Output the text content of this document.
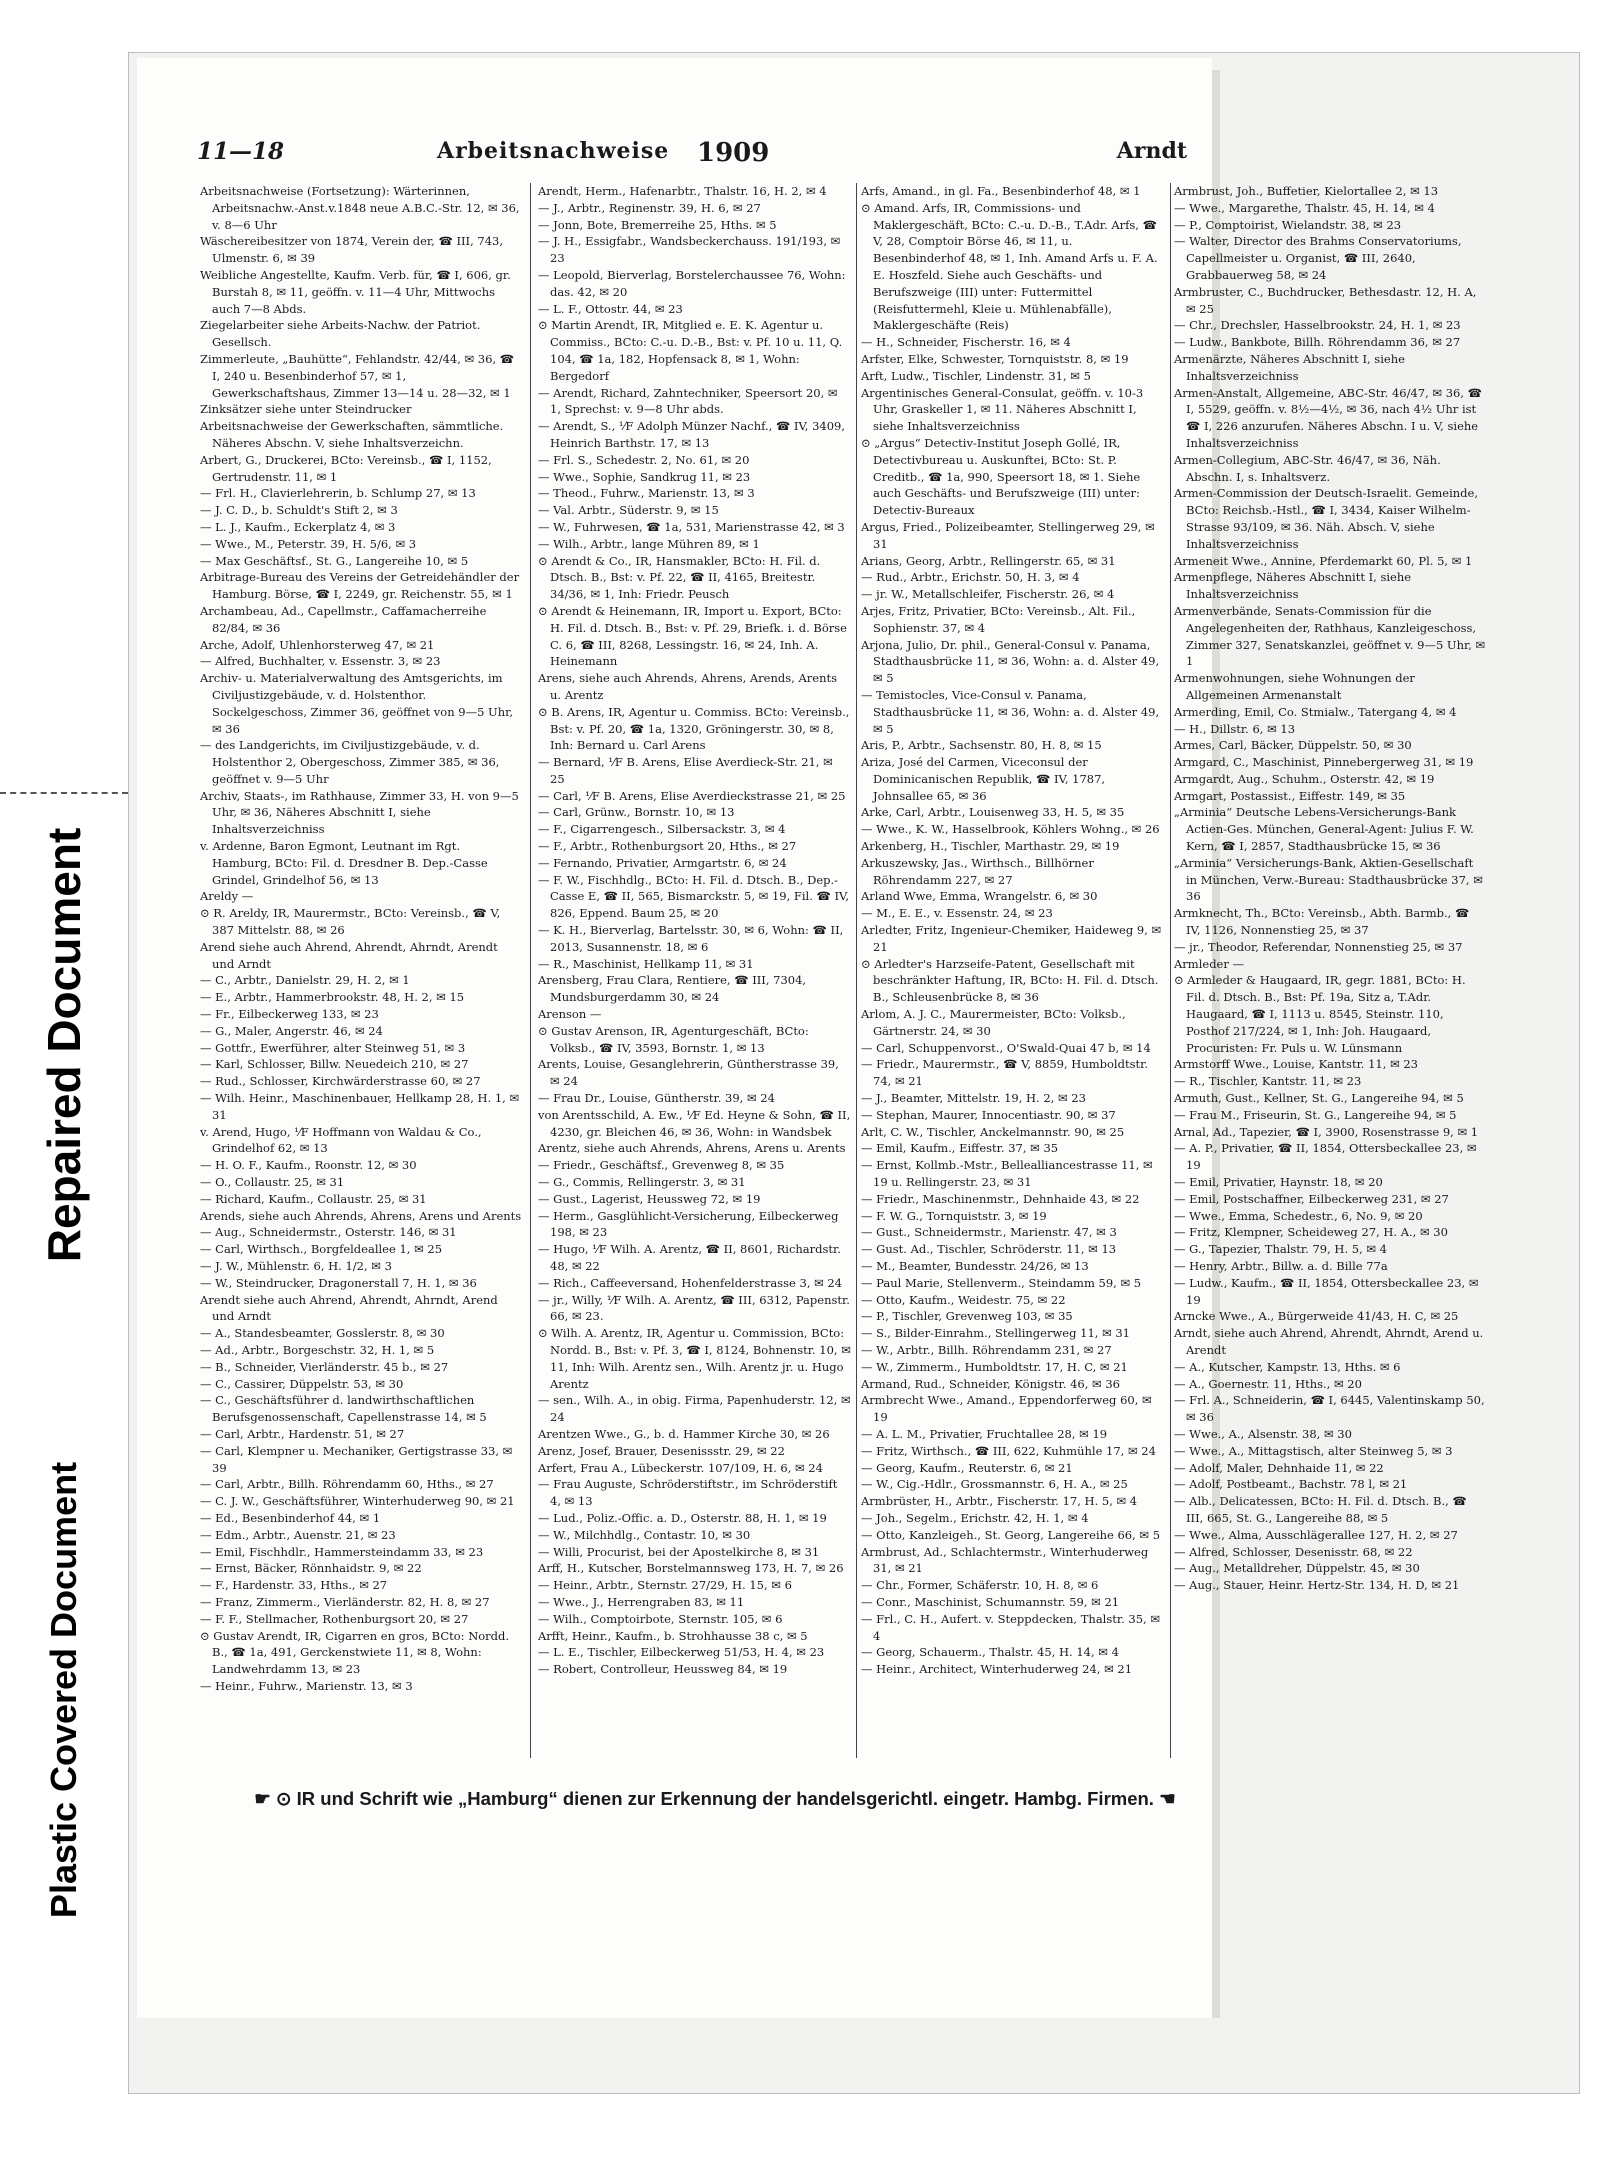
Repaired Document
Plastic Covered Document
11—18	Arbeitsnachweise 1909	Arndt

Arbeitsnachweise (Fortsetzung): Wärterinnen, Arbeitsnachw.-Anst.v.1848 neue A.B.C.-Str. 12, ✉ 36, v. 8—6 Uhr

Wäschereibesitzer von 1874, Verein der, ☎ III, 743, Ulmenstr. 6, ✉ 39

Weibliche Angestellte, Kaufm. Verb. für, ☎ I, 606, gr. Burstah 8, ✉ 11, geöffn. v. 11—4 Uhr, Mittwochs auch 7—8 Abds.

Ziegelarbeiter siehe Arbeits-Nachw. der Patriot. Gesellsch.

Zimmerleute, „Bauhütte“, Fehlandstr. 42/44, ✉ 36, ☎ I, 240 u. Besenbinderhof 57, ✉ 1, Gewerkschaftshaus, Zimmer 13—14 u. 28—32, ✉ 1

Zinksätzer siehe unter Steindrucker

Arbeitsnachweise der Gewerkschaften, sämmtliche. Näheres Abschn. V, siehe Inhaltsverzeichn.

Arbert, G., Druckerei, BCto: Vereinsb., ☎ I, 1152, Gertrudenstr. 11, ✉ 1

— Frl. H., Clavierlehrerin, b. Schlump 27, ✉ 13

— J. C. D., b. Schuldt's Stift 2, ✉ 3

— L. J., Kaufm., Eckerplatz 4, ✉ 3

— Wwe., M., Peterstr. 39, H. 5/6, ✉ 3

— Max Geschäftsf., St. G., Langereihe 10, ✉ 5

Arbitrage-Bureau des Vereins der Getreidehändler der Hamburg. Börse, ☎ I, 2249, gr. Reichenstr. 55, ✉ 1

Archambeau, Ad., Capellmstr., Caffamacherreihe 82/84, ✉ 36

Arche, Adolf, Uhlenhorsterweg 47, ✉ 21

— Alfred, Buchhalter, v. Essenstr. 3, ✉ 23

Archiv- u. Materialverwaltung des Amtsgerichts, im Civiljustizgebäude, v. d. Holstenthor. Sockelgeschoss, Zimmer 36, geöffnet von 9—5 Uhr, ✉ 36

— des Landgerichts, im Civiljustizgebäude, v. d. Holstenthor 2, Obergeschoss, Zimmer 385, ✉ 36, geöffnet v. 9—5 Uhr

Archiv, Staats-, im Rathhause, Zimmer 33, H. von 9—5 Uhr, ✉ 36, Näheres Abschnitt I, siehe Inhaltsverzeichniss

v. Ardenne, Baron Egmont, Leutnant im Rgt. Hamburg, BCto: Fil. d. Dresdner B. Dep.-Casse Grindel, Grindelhof 56, ✉ 13

Areldy —

⊙ R. Areldy, IR, Maurermstr., BCto: Vereinsb., ☎ V, 387 Mittelstr. 88, ✉ 26

Arend siehe auch Ahrend, Ahrendt, Ahrndt, Arendt und Arndt

— C., Arbtr., Danielstr. 29, H. 2, ✉ 1

— E., Arbtr., Hammerbrookstr. 48, H. 2, ✉ 15

— Fr., Eilbeckerweg 133, ✉ 23

— G., Maler, Angerstr. 46, ✉ 24

— Gottfr., Ewerführer, alter Steinweg 51, ✉ 3

— Karl, Schlosser, Billw. Neuedeich 210, ✉ 27

— Rud., Schlosser, Kirchwärderstrasse 60, ✉ 27

— Wilh. Heinr., Maschinenbauer, Hellkamp 28, H. 1, ✉ 31

v. Arend, Hugo, ⅟F Hoffmann von Waldau & Co., Grindelhof 62, ✉ 13

— H. O. F., Kaufm., Roonstr. 12, ✉ 30

— O., Collaustr. 25, ✉ 31

— Richard, Kaufm., Collaustr. 25, ✉ 31

Arends, siehe auch Ahrends, Ahrens, Arens und Arents

— Aug., Schneidermstr., Osterstr. 146, ✉ 31

— Carl, Wirthsch., Borgfeldeallee 1, ✉ 25

— J. W., Mühlenstr. 6, H. 1/2, ✉ 3

— W., Steindrucker, Dragonerstall 7, H. 1, ✉ 36

Arendt siehe auch Ahrend, Ahrendt, Ahrndt, Arend und Arndt

— A., Standesbeamter, Gosslerstr. 8, ✉ 30

— Ad., Arbtr., Borgeschstr. 32, H. 1, ✉ 5

— B., Schneider, Vierländerstr. 45 b., ✉ 27

— C., Cassirer, Düppelstr. 53, ✉ 30

— C., Geschäftsführer d. landwirthschaftlichen Berufsgenossenschaft, Capellenstrasse 14, ✉ 5

— Carl, Arbtr., Hardenstr. 51, ✉ 27

— Carl, Klempner u. Mechaniker, Gertigstrasse 33, ✉ 39

— Carl, Arbtr., Billh. Röhrendamm 60, Hths., ✉ 27

— C. J. W., Geschäftsführer, Winterhuderweg 90, ✉ 21

— Ed., Besenbinderhof 44, ✉ 1

— Edm., Arbtr., Auenstr. 21, ✉ 23

— Emil, Fischhdlr., Hammersteindamm 33, ✉ 23

— Ernst, Bäcker, Rönnhaidstr. 9, ✉ 22

— F., Hardenstr. 33, Hths., ✉ 27

— Franz, Zimmerm., Vierländerstr. 82, H. 8, ✉ 27

— F. F., Stellmacher, Rothenburgsort 20, ✉ 27

⊙ Gustav Arendt, IR, Cigarren en gros, BCto: Nordd. B., ☎ 1a, 491, Gerckenstwiete 11, ✉ 8, Wohn: Landwehrdamm 13, ✉ 23

— Heinr., Fuhrw., Marienstr. 13, ✉ 3

Arendt, Herm., Hafenarbtr., Thalstr. 16, H. 2, ✉ 4

— J., Arbtr., Reginenstr. 39, H. 6, ✉ 27

— Jonn, Bote, Bremerreihe 25, Hths. ✉ 5

— J. H., Essigfabr., Wandsbeckerchauss. 191/193, ✉ 23

— Leopold, Bierverlag, Borstelerchaussee 76, Wohn: das. 42, ✉ 20

— L. F., Ottostr. 44, ✉ 23

⊙ Martin Arendt, IR, Mitglied e. E. K. Agentur u. Commiss., BCto: C.-u. D.-B., Bst: v. Pf. 10 u. 11, Q. 104, ☎ 1a, 182, Hopfensack 8, ✉ 1, Wohn: Bergedorf

— Arendt, Richard, Zahntechniker, Speersort 20, ✉ 1, Sprechst: v. 9—8 Uhr abds.

— Arendt, S., ⅟F Adolph Münzer Nachf., ☎ IV, 3409, Heinrich Barthstr. 17, ✉ 13

— Frl. S., Schedestr. 2, No. 61, ✉ 20

— Wwe., Sophie, Sandkrug 11, ✉ 23

— Theod., Fuhrw., Marienstr. 13, ✉ 3

— Val. Arbtr., Süderstr. 9, ✉ 15

— W., Fuhrwesen, ☎ 1a, 531, Marienstrasse 42, ✉ 3

— Wilh., Arbtr., lange Mühren 89, ✉ 1

⊙ Arendt & Co., IR, Hansmakler, BCto: H. Fil. d. Dtsch. B., Bst: v. Pf. 22, ☎ II, 4165, Breitestr. 34/36, ✉ 1, Inh: Friedr. Peusch

⊙ Arendt & Heinemann, IR, Import u. Export, BCto: H. Fil. d. Dtsch. B., Bst: v. Pf. 29, Briefk. i. d. Börse C. 6, ☎ III, 8268, Lessingstr. 16, ✉ 24, Inh. A. Heinemann

Arens, siehe auch Ahrends, Ahrens, Arends, Arents u. Arentz

⊙ B. Arens, IR, Agentur u. Commiss. BCto: Vereinsb., Bst: v. Pf. 20, ☎ 1a, 1320, Gröningerstr. 30, ✉ 8, Inh: Bernard u. Carl Arens

— Bernard, ⅟F B. Arens, Elise Averdieck-Str. 21, ✉ 25

— Carl, ⅟F B. Arens, Elise Averdieckstrasse 21, ✉ 25

— Carl, Grünw., Bornstr. 10, ✉ 13

— F., Cigarrengesch., Silbersackstr. 3, ✉ 4

— F., Arbtr., Rothenburgsort 20, Hths., ✉ 27

— Fernando, Privatier, Armgartstr. 6, ✉ 24

— F. W., Fischhdlg., BCto: H. Fil. d. Dtsch. B., Dep.-Casse E, ☎ II, 565, Bismarckstr. 5, ✉ 19, Fil. ☎ IV, 826, Eppend. Baum 25, ✉ 20

— K. H., Bierverlag, Bartelsstr. 30, ✉ 6, Wohn: ☎ II, 2013, Susannenstr. 18, ✉ 6

— R., Maschinist, Hellkamp 11, ✉ 31

Arensberg, Frau Clara, Rentiere, ☎ III, 7304, Mundsburgerdamm 30, ✉ 24

Arenson —

⊙ Gustav Arenson, IR, Agenturgeschäft, BCto: Volksb., ☎ IV, 3593, Bornstr. 1, ✉ 13

Arents, Louise, Gesanglehrerin, Güntherstrasse 39, ✉ 24

— Frau Dr., Louise, Güntherstr. 39, ✉ 24

von Arentsschild, A. Ew., ⅟F Ed. Heyne & Sohn, ☎ II, 4230, gr. Bleichen 46, ✉ 36, Wohn: in Wandsbek

Arentz, siehe auch Ahrends, Ahrens, Arens u. Arents

— Friedr., Geschäftsf., Grevenweg 8, ✉ 35

— G., Commis, Rellingerstr. 3, ✉ 31

— Gust., Lagerist, Heussweg 72, ✉ 19

— Herm., Gasglühlicht-Versicherung, Eilbeckerweg 198, ✉ 23

— Hugo, ⅟F Wilh. A. Arentz, ☎ II, 8601, Richardstr. 48, ✉ 22

— Rich., Caffeeversand, Hohenfelderstrasse 3, ✉ 24

— jr., Willy, ⅟F Wilh. A. Arentz, ☎ III, 6312, Papenstr. 66, ✉ 23.

⊙ Wilh. A. Arentz, IR, Agentur u. Commission, BCto: Nordd. B., Bst: v. Pf. 3, ☎ I, 8124, Bohnenstr. 10, ✉ 11, Inh: Wilh. Arentz sen., Wilh. Arentz jr. u. Hugo Arentz

— sen., Wilh. A., in obig. Firma, Papenhuderstr. 12, ✉ 24

Arentzen Wwe., G., b. d. Hammer Kirche 30, ✉ 26

Arenz, Josef, Brauer, Desenissstr. 29, ✉ 22

Arfert, Frau A., Lübeckerstr. 107/109, H. 6, ✉ 24

— Frau Auguste, Schröderstiftstr., im Schröderstift 4, ✉ 13

— Lud., Poliz.-Offic. a. D., Osterstr. 88, H. 1, ✉ 19

— W., Milchhdlg., Contastr. 10, ✉ 30

— Willi, Procurist, bei der Apostelkirche 8, ✉ 31

Arff, H., Kutscher, Borstelmannsweg 173, H. 7, ✉ 26

— Heinr., Arbtr., Sternstr. 27/29, H. 15, ✉ 6

— Wwe., J., Herrengraben 83, ✉ 11

— Wilh., Comptoirbote, Sternstr. 105, ✉ 6

Arfft, Heinr., Kaufm., b. Strohhausse 38 c, ✉ 5

— L. E., Tischler, Eilbeckerweg 51/53, H. 4, ✉ 23

— Robert, Controlleur, Heussweg 84, ✉ 19

Arfs, Amand., in gl. Fa., Besenbinderhof 48, ✉ 1

⊙ Amand. Arfs, IR, Commissions- und Maklergeschäft, BCto: C.-u. D.-B., T.Adr. Arfs, ☎ V, 28, Comptoir Börse 46, ✉ 11, u. Besenbinderhof 48, ✉ 1, Inh. Amand Arfs u. F. A. E. Hoszfeld. Siehe auch Geschäfts- und Berufszweige (III) unter: Futtermittel (Reisfuttermehl, Kleie u. Mühlenabfälle), Maklergeschäfte (Reis)

— H., Schneider, Fischerstr. 16, ✉ 4

Arfster, Elke, Schwester, Tornquiststr. 8, ✉ 19

Arft, Ludw., Tischler, Lindenstr. 31, ✉ 5

Argentinisches General-Consulat, geöffn. v. 10-3 Uhr, Graskeller 1, ✉ 11. Näheres Abschnitt I, siehe Inhaltsverzeichniss

⊙ „Argus“ Detectiv-Institut Joseph Gollé, IR, Detectivbureau u. Auskunftei, BCto: St. P. Creditb., ☎ 1a, 990, Speersort 18, ✉ 1. Siehe auch Geschäfts- und Berufszweige (III) unter: Detectiv-Bureaux

Argus, Fried., Polizeibeamter, Stellingerweg 29, ✉ 31

Arians, Georg, Arbtr., Rellingerstr. 65, ✉ 31

— Rud., Arbtr., Erichstr. 50, H. 3, ✉ 4

— jr. W., Metallschleifer, Fischerstr. 26, ✉ 4

Arjes, Fritz, Privatier, BCto: Vereinsb., Alt. Fil., Sophienstr. 37, ✉ 4

Arjona, Julio, Dr. phil., General-Consul v. Panama, Stadthausbrücke 11, ✉ 36, Wohn: a. d. Alster 49, ✉ 5

— Temistocles, Vice-Consul v. Panama, Stadthausbrücke 11, ✉ 36, Wohn: a. d. Alster 49, ✉ 5

Aris, P., Arbtr., Sachsenstr. 80, H. 8, ✉ 15

Ariza, José del Carmen, Viceconsul der Dominicanischen Republik, ☎ IV, 1787, Johnsallee 65, ✉ 36

Arke, Carl, Arbtr., Louisenweg 33, H. 5, ✉ 35

— Wwe., K. W., Hasselbrook, Köhlers Wohng., ✉ 26

Arkenberg, H., Tischler, Marthastr. 29, ✉ 19

Arkuszewsky, Jas., Wirthsch., Billhörner Röhrendamm 227, ✉ 27

Arland Wwe, Emma, Wrangelstr. 6, ✉ 30

— M., E. E., v. Essenstr. 24, ✉ 23

Arledter, Fritz, Ingenieur-Chemiker, Haideweg 9, ✉ 21

⊙ Arledter's Harzseife-Patent, Gesellschaft mit beschränkter Haftung, IR, BCto: H. Fil. d. Dtsch. B., Schleusenbrücke 8, ✉ 36

Arlom, A. J. C., Maurermeister, BCto: Volksb., Gärtnerstr. 24, ✉ 30

— Carl, Schuppenvorst., O'Swald-Quai 47 b, ✉ 14

— Friedr., Maurermstr., ☎ V, 8859, Humboldtstr. 74, ✉ 21

— J., Beamter, Mittelstr. 19, H. 2, ✉ 23

— Stephan, Maurer, Innocentiastr. 90, ✉ 37

Arlt, C. W., Tischler, Anckelmannstr. 90, ✉ 25

— Emil, Kaufm., Eiffestr. 37, ✉ 35

— Ernst, Kollmb.-Mstr., Bellealliancestrasse 11, ✉ 19 u. Rellingerstr. 23, ✉ 31

— Friedr., Maschinenmstr., Dehnhaide 43, ✉ 22

— F. W. G., Tornquiststr. 3, ✉ 19

— Gust., Schneidermstr., Marienstr. 47, ✉ 3

— Gust. Ad., Tischler, Schröderstr. 11, ✉ 13

— M., Beamter, Bundesstr. 24/26, ✉ 13

— Paul Marie, Stellenverm., Steindamm 59, ✉ 5

— Otto, Kaufm., Weidestr. 75, ✉ 22

— P., Tischler, Grevenweg 103, ✉ 35

— S., Bilder-Einrahm., Stellingerweg 11, ✉ 31

— W., Arbtr., Billh. Röhrendamm 231, ✉ 27

— W., Zimmerm., Humboldtstr. 17, H. C, ✉ 21

Armand, Rud., Schneider, Königstr. 46, ✉ 36

Armbrecht Wwe., Amand., Eppendorferweg 60, ✉ 19

— A. L. M., Privatier, Fruchtallee 28, ✉ 19

— Fritz, Wirthsch., ☎ III, 622, Kuhmühle 17, ✉ 24

— Georg, Kaufm., Reuterstr. 6, ✉ 21

— W., Cig.-Hdlr., Grossmannstr. 6, H. A., ✉ 25

Armbrüster, H., Arbtr., Fischerstr. 17, H. 5, ✉ 4

— Joh., Segelm., Erichstr. 42, H. 1, ✉ 4

— Otto, Kanzleigeh., St. Georg, Langereihe 66, ✉ 5

Armbrust, Ad., Schlachtermstr., Winterhuderweg 31, ✉ 21

— Chr., Former, Schäferstr. 10, H. 8, ✉ 6

— Conr., Maschinist, Schumannstr. 59, ✉ 21

— Frl., C. H., Aufert. v. Steppdecken, Thalstr. 35, ✉ 4

— Georg, Schauerm., Thalstr. 45, H. 14, ✉ 4

— Heinr., Architect, Winterhuderweg 24, ✉ 21

Armbrust, Joh., Buffetier, Kielortallee 2, ✉ 13

— Wwe., Margarethe, Thalstr. 45, H. 14, ✉ 4

— P., Comptoirist, Wielandstr. 38, ✉ 23

— Walter, Director des Brahms Conservatoriums, Capellmeister u. Organist, ☎ III, 2640, Grabbauerweg 58, ✉ 24

Armbruster, C., Buchdrucker, Bethesdastr. 12, H. A, ✉ 25

— Chr., Drechsler, Hasselbrookstr. 24, H. 1, ✉ 23

— Ludw., Bankbote, Billh. Röhrendamm 36, ✉ 27

Armenärzte, Näheres Abschnitt I, siehe Inhaltsverzeichniss

Armen-Anstalt, Allgemeine, ABC-Str. 46/47, ✉ 36, ☎ I, 5529, geöffn. v. 8½—4½, ✉ 36, nach 4½ Uhr ist ☎ I, 226 anzurufen. Näheres Abschn. I u. V, siehe Inhaltsverzeichniss

Armen-Collegium, ABC-Str. 46/47, ✉ 36, Näh. Abschn. I, s. Inhaltsverz.

Armen-Commission der Deutsch-Israelit. Gemeinde, BCto: Reichsb.-Hstl., ☎ I, 3434, Kaiser Wilhelm-Strasse 93/109, ✉ 36. Näh. Absch. V, siehe Inhaltsverzeichniss

Armeneit Wwe., Annine, Pferdemarkt 60, Pl. 5, ✉ 1

Armenpflege, Näheres Abschnitt I, siehe Inhaltsverzeichniss

Armenverbände, Senats-Commission für die Angelegenheiten der, Rathhaus, Kanzleigeschoss, Zimmer 327, Senatskanzlei, geöffnet v. 9—5 Uhr, ✉ 1

Armenwohnungen, siehe Wohnungen der Allgemeinen Armenanstalt

Armerding, Emil, Co. Stmialw., Tatergang 4, ✉ 4

— H., Dillstr. 6, ✉ 13

Armes, Carl, Bäcker, Düppelstr. 50, ✉ 30

Armgard, C., Maschinist, Pinnebergerweg 31, ✉ 19

Armgardt, Aug., Schuhm., Osterstr. 42, ✉ 19

Armgart, Postassist., Eiffestr. 149, ✉ 35

„Arminia“ Deutsche Lebens-Versicherungs-Bank Actien-Ges. München, General-Agent: Julius F. W. Kern, ☎ I, 2857, Stadthausbrücke 15, ✉ 36

„Arminia“ Versicherungs-Bank, Aktien-Gesellschaft in München, Verw.-Bureau: Stadthausbrücke 37, ✉ 36

Armknecht, Th., BCto: Vereinsb., Abth. Barmb., ☎ IV, 1126, Nonnenstieg 25, ✉ 37

— jr., Theodor, Referendar, Nonnenstieg 25, ✉ 37

Armleder —

⊙ Armleder & Haugaard, IR, gegr. 1881, BCto: H. Fil. d. Dtsch. B., Bst: Pf. 19a, Sitz a, T.Adr. Haugaard, ☎ I, 1113 u. 8545, Steinstr. 110, Posthof 217/224, ✉ 1, Inh: Joh. Haugaard, Procuristen: Fr. Puls u. W. Lünsmann

Armstorff Wwe., Louise, Kantstr. 11, ✉ 23

— R., Tischler, Kantstr. 11, ✉ 23

Armuth, Gust., Kellner, St. G., Langereihe 94, ✉ 5

— Frau M., Friseurin, St. G., Langereihe 94, ✉ 5

Arnal, Ad., Tapezier, ☎ I, 3900, Rosenstrasse 9, ✉ 1

— A. P., Privatier, ☎ II, 1854, Ottersbeckallee 23, ✉ 19

— Emil, Privatier, Haynstr. 18, ✉ 20

— Emil, Postschaffner, Eilbeckerweg 231, ✉ 27

— Wwe., Emma, Schedestr., 6, No. 9, ✉ 20

— Fritz, Klempner, Scheideweg 27, H. A., ✉ 30

— G., Tapezier, Thalstr. 79, H. 5, ✉ 4

— Henry, Arbtr., Billw. a. d. Bille 77a

— Ludw., Kaufm., ☎ II, 1854, Ottersbeckallee 23, ✉ 19

Arncke Wwe., A., Bürgerweide 41/43, H. C, ✉ 25

Arndt, siehe auch Ahrend, Ahrendt, Ahrndt, Arend u. Arendt

— A., Kutscher, Kampstr. 13, Hths. ✉ 6

— A., Goernestr. 11, Hths., ✉ 20

— Frl. A., Schneiderin, ☎ I, 6445, Valentinskamp 50, ✉ 36

— Wwe., A., Alsenstr. 38, ✉ 30

— Wwe., A., Mittagstisch, alter Steinweg 5, ✉ 3

— Adolf, Maler, Dehnhaide 11, ✉ 22

— Adolf, Postbeamt., Bachstr. 78 l, ✉ 21

— Alb., Delicatessen, BCto: H. Fil. d. Dtsch. B., ☎ III, 665, St. G., Langereihe 88, ✉ 5

— Wwe., Alma, Ausschlägerallee 127, H. 2, ✉ 27

— Alfred, Schlosser, Desenisstr. 68, ✉ 22

— Aug., Metalldreher, Düppelstr. 45, ✉ 30

— Aug., Stauer, Heinr. Hertz-Str. 134, H. D, ✉ 21

☛ ⊙ IR und Schrift wie „Hamburg“ dienen zur Erkennung der handelsgerichtl. eingetr. Hambg. Firmen. ☚
